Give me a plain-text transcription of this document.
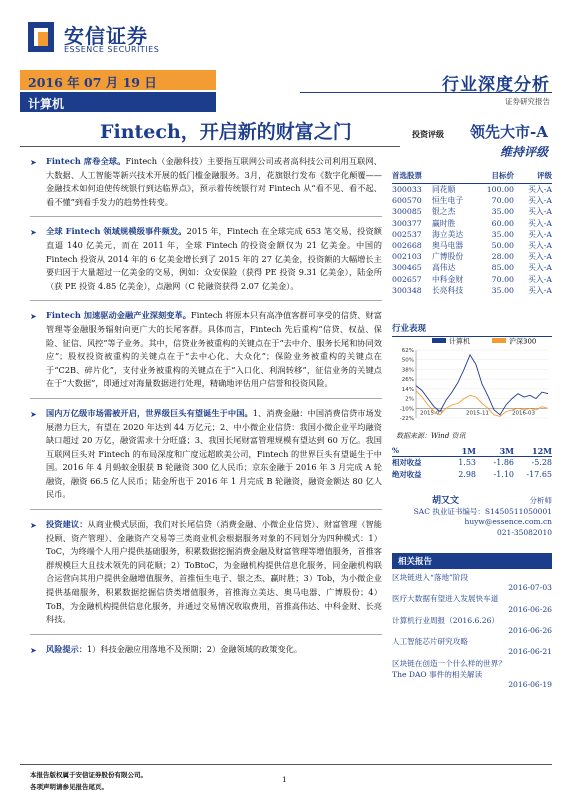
安信证券
ESSENCE SECURITIES
2016 年 07 月 19 日
计算机
行业深度分析
证券研究报告
Fintech，开启新的财富之门	投资评级 领先大市-A
维持评级
➤ Fintech 席卷全球。Fintech（金融科技）主要指互联网公司或者高科技公司利用互联网、大数据、人工智能等新兴技术开展的低门槛金融服务。3月，花旗银行发布《数字化颠覆——金融技术如何迫使传统银行到达临界点》，预示着传统银行对 Fintech 从“看不见、看不起、看不懂”到看手发力的趋势性转变。
➤ 全球 Fintech 领域规模级事件频发。2015 年，Fintech 在全球完成 653 笔交易，投资额直逼 140 亿美元，而在 2011 年，全球 Fintech 的投资金额仅为 21 亿美金。中国的 Fintech 投资从 2014 年的 6 亿美金增长到了 2015 年的 27 亿美金，投资额的大幅增长主要归因于大量超过一亿美金的交易，例如：众安保险（获得 PE 投资 9.31 亿美金），陆金所（获 PE 投资 4.85 亿美金），点融网（C 轮融资获得 2.07 亿美金）。
➤ Fintech 加速驱动金融产业深刻变革。Fintech 将原本只有高净值客群可享受的信贷、财富管理等金融服务辐射向更广大的长尾客群。具体而言，Fintech 先后重构“信贷、权益、保险、征信、风控”等子业务。其中，信贷业务被重构的关键点在于“去中介、服务长尾和协同效应”；股权投资被重构的关键点在于“去中心化、大众化”；保险业务被重构的关键点在于“C2B、碎片化”，支付业务被重构的关键点在于“入口化、利润转移”，征信业务的关键点在于“大数据”，即通过对海量数据进行处理，精确地评估用户信誉和投资风险。
➤ 国内万亿级市场需被开启，世界级巨头有望诞生于中国。1、消费金融：中国消费信贷市场发展潜力巨大，有望在 2020 年达到 44 万亿元；2、中小微企业信贷：我国小微企业平均融资缺口超过 20 万亿，融资需求十分旺盛；3、我国长尾财富管理规模有望达到 60 万亿。我国互联网巨头对 Fintech 的布局深度和广度远超欧美公司，Fintech 的世界巨头有望诞生于中国。2016 年 4 月蚂蚁金服获 B 轮融资 300 亿人民币；京东金融于 2016 年 3 月完成 A 轮融资，融资 66.5 亿人民币；陆金所也于 2016 年 1 月完成 B 轮融资，融资金额达 80 亿人民币。
➤ 投资建议：从商业模式层面，我们对长尾信贷（消费金融、小微企业信贷）、财富管理（智能投顾、资产管理）、金融资产交易等三类商业机会根据服务对象的不同划分为四种模式：1）ToC，为终端个人用户提供基础服务，积累数据挖掘消费金融及财富管理等增值服务，首推客群规模巨大且技术领先的同花顺；2）ToBtoC，为金融机构提供信息化服务，同金融机构联合运营向其用户提供金融增值服务，首推恒生电子、银之杰、赢时胜；3）Tob，为小微企业提供基础服务，积累数据挖掘信贷类增值服务，首推海立美达、奥马电器、广博股份；4）ToB，为金融机构提供信息化服务，并通过交易情况收取费用，首推高伟达、中科金财、长亮科技。
➤ 风险提示：1）科技金融应用落地不及预期；2）金融领域的政策变化。
首选股票	目标价	评级
300033	同花顺	100.00	买入-A
600570	恒生电子	70.00	买入-A
300085	银之杰	35.00	买入-A
300377	赢时胜	60.00	买入-A
002537	海立美达	35.00	买入-A
002668	奥马电器	50.00	买入-A
002103	广博股份	28.00	买入-A
300465	高伟达	85.00	买入-A
002657	中科金财	70.00	买入-A
300348	长亮科技	35.00	买入-A
行业表现
计算机	沪深300
62%
50%
38%
26%
14%
2%
-10%
-22%
2015-07	2015-11	2016-03
数据来源：Wind 资讯
%	1M	3M	12M
相对收益	1.53	-1.86	-5.28
绝对收益	2.98	-1.10	-17.65
胡又文	分析师
SAC 执业证书编号：S1450511050001
huyw@essence.com.cn
021-35082010
相关报告
区块链进入“落地”阶段
2016-07-03
医疗大数据有望进入发展快车道
2016-06-26
计算机行业周报（2016.6.26）
2016-06-26
人工智能芯片研究攻略
2016-06-21
区块链在创造一个什么样的世界？
The DAO 事件的相关解读
2016-06-19
本报告版权属于安信证券股份有限公司。
各项声明请参见报告尾页。
1
